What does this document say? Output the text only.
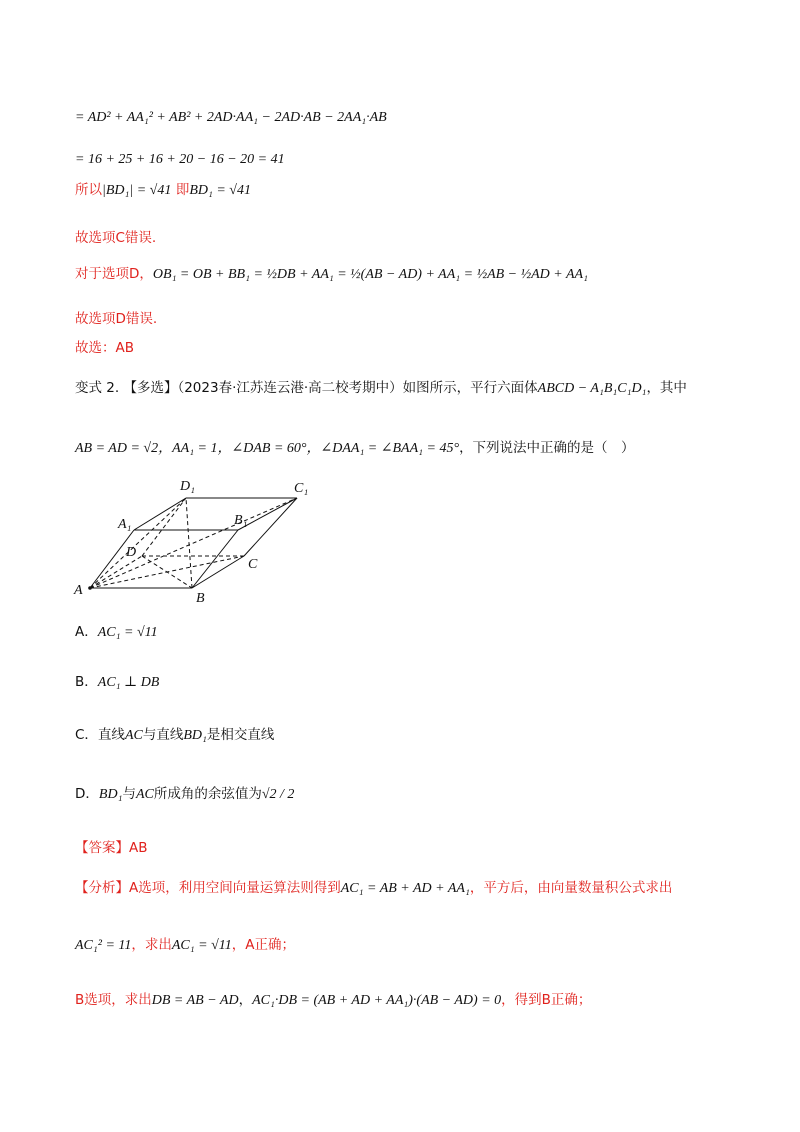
= AD² + AA₁² + AB² + 2AD·AA₁ − 2AD·AB − 2AA₁·AB
= 16 + 25 + 16 + 20 − 16 − 20 = 41
所以|BD₁| = √41 即BD₁ = √41
故选项C错误.
对于选项D，OB₁ = OB + BB₁ = ½DB + AA₁ = ½(AB − AD) + AA₁ = ½AB − ½AD + AA₁
故选项D错误.
故选：AB
变式 2. 【多选】（2023春·江苏连云港·高二校考期中）如图所示，平行六面体ABCD − A₁B₁C₁D₁，其中
AB = AD = √2，AA₁ = 1，∠DAB = 60°，∠DAA₁ = ∠BAA₁ = 45°，下列说法中正确的是（　）
D₁	C₁
A₁	B₁
D
C
A
B
A．AC₁ = √11
B．AC₁ ⊥ DB
C．直线AC与直线BD₁是相交直线
D．BD₁与AC所成角的余弦值为√2 / 2
【答案】AB
【分析】A选项，利用空间向量运算法则得到AC₁ = AB + AD + AA₁，平方后，由向量数量积公式求出
AC₁² = 11，求出AC₁ = √11，A正确；
B选项，求出DB = AB − AD，AC₁·DB = (AB + AD + AA₁)·(AB − AD) = 0，得到B正确；
